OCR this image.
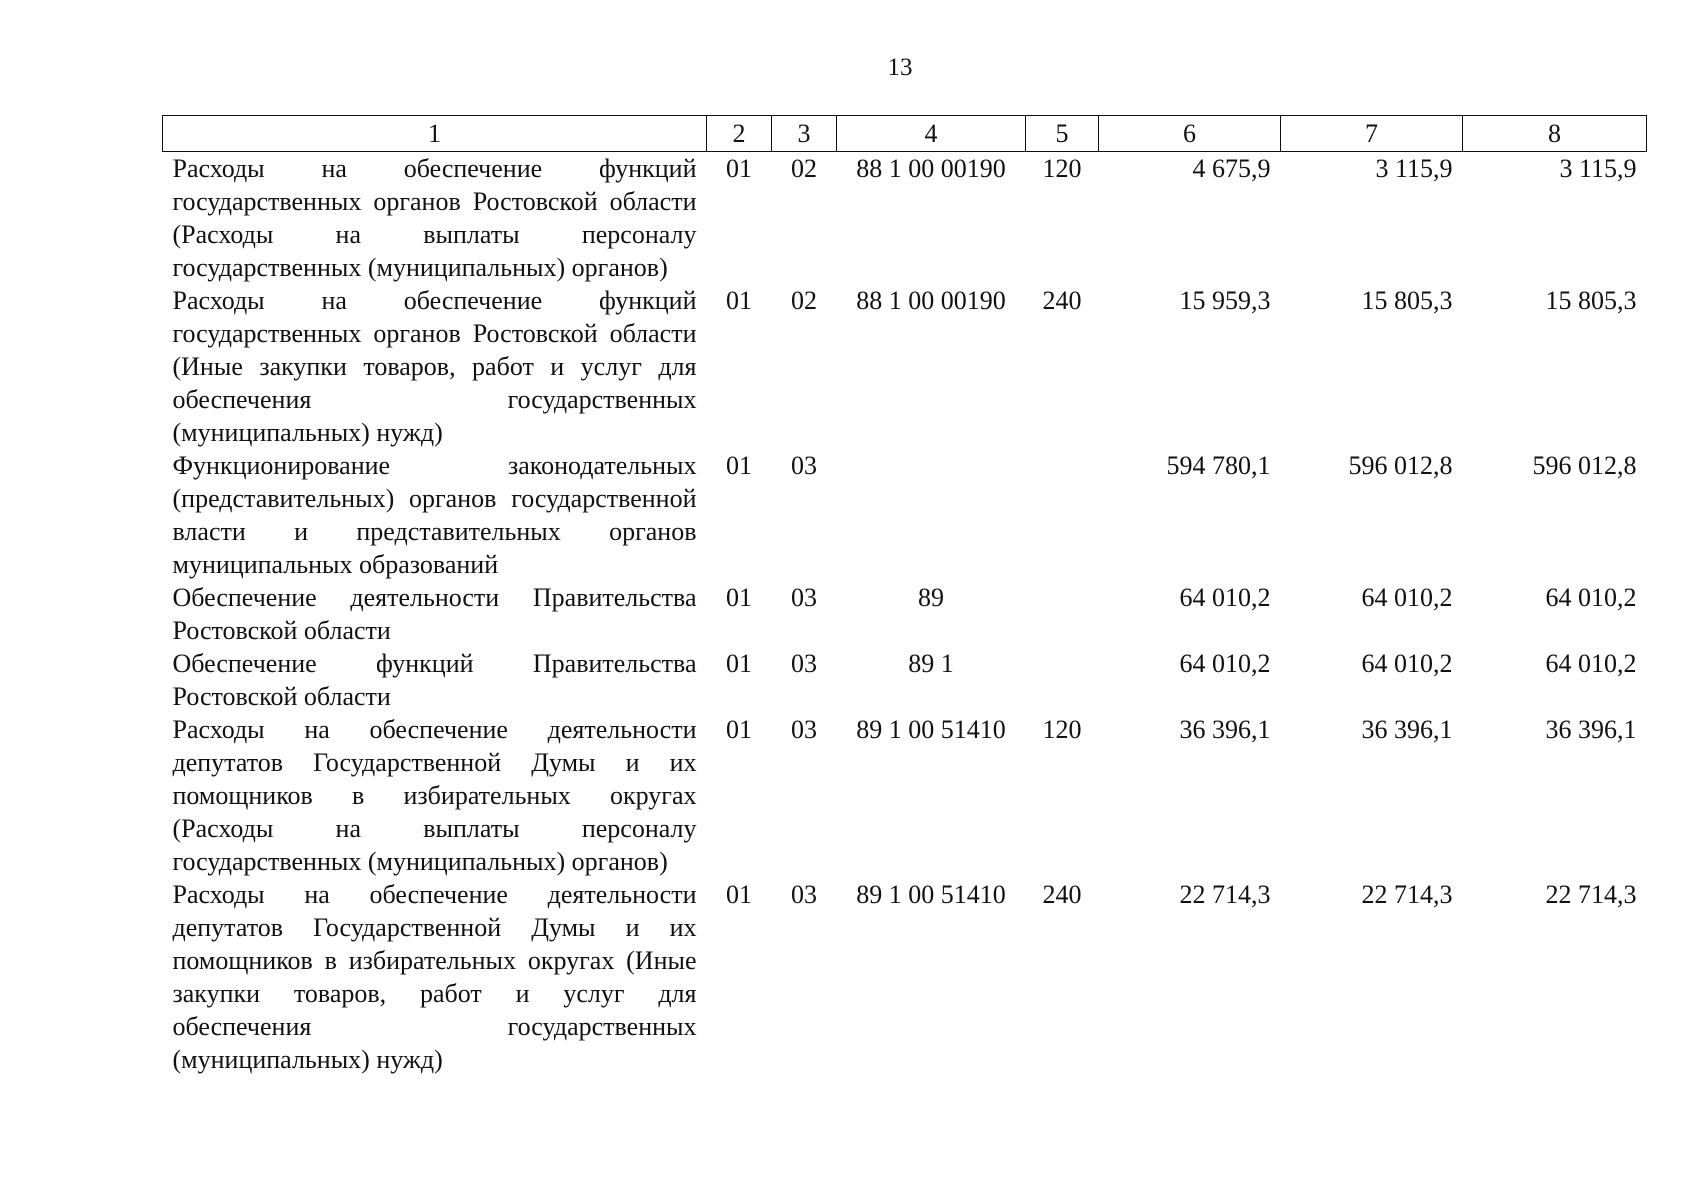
13
1	2	3	4	5	6	7	8
Расходы на обеспечение функций государственных органов Ростовской области (Расходы на выплаты персоналу государственных (муниципальных) органов)	01	02	88 1 00 00190	120	4 675,9	3 115,9	3 115,9
Расходы на обеспечение функций государственных органов Ростовской области (Иные закупки товаров, работ и услуг для обеспечения государственных (муниципальных) нужд)	01	02	88 1 00 00190	240	15 959,3	15 805,3	15 805,3
Функционирование законодательных (представительных) органов государственной власти и представительных органов муниципальных образований	01	03			594 780,1	596 012,8	596 012,8
Обеспечение деятельности Правительства Ростовской области	01	03	89		64 010,2	64 010,2	64 010,2
Обеспечение функций Правительства Ростовской области	01	03	89 1		64 010,2	64 010,2	64 010,2
Расходы на обеспечение деятельности депутатов Государственной Думы и их помощников в избирательных округах (Расходы на выплаты персоналу государственных (муниципальных) органов)	01	03	89 1 00 51410	120	36 396,1	36 396,1	36 396,1
Расходы на обеспечение деятельности депутатов Государственной Думы и их помощников в избирательных округах (Иные закупки товаров, работ и услуг для обеспечения государственных (муниципальных) нужд)	01	03	89 1 00 51410	240	22 714,3	22 714,3	22 714,3
